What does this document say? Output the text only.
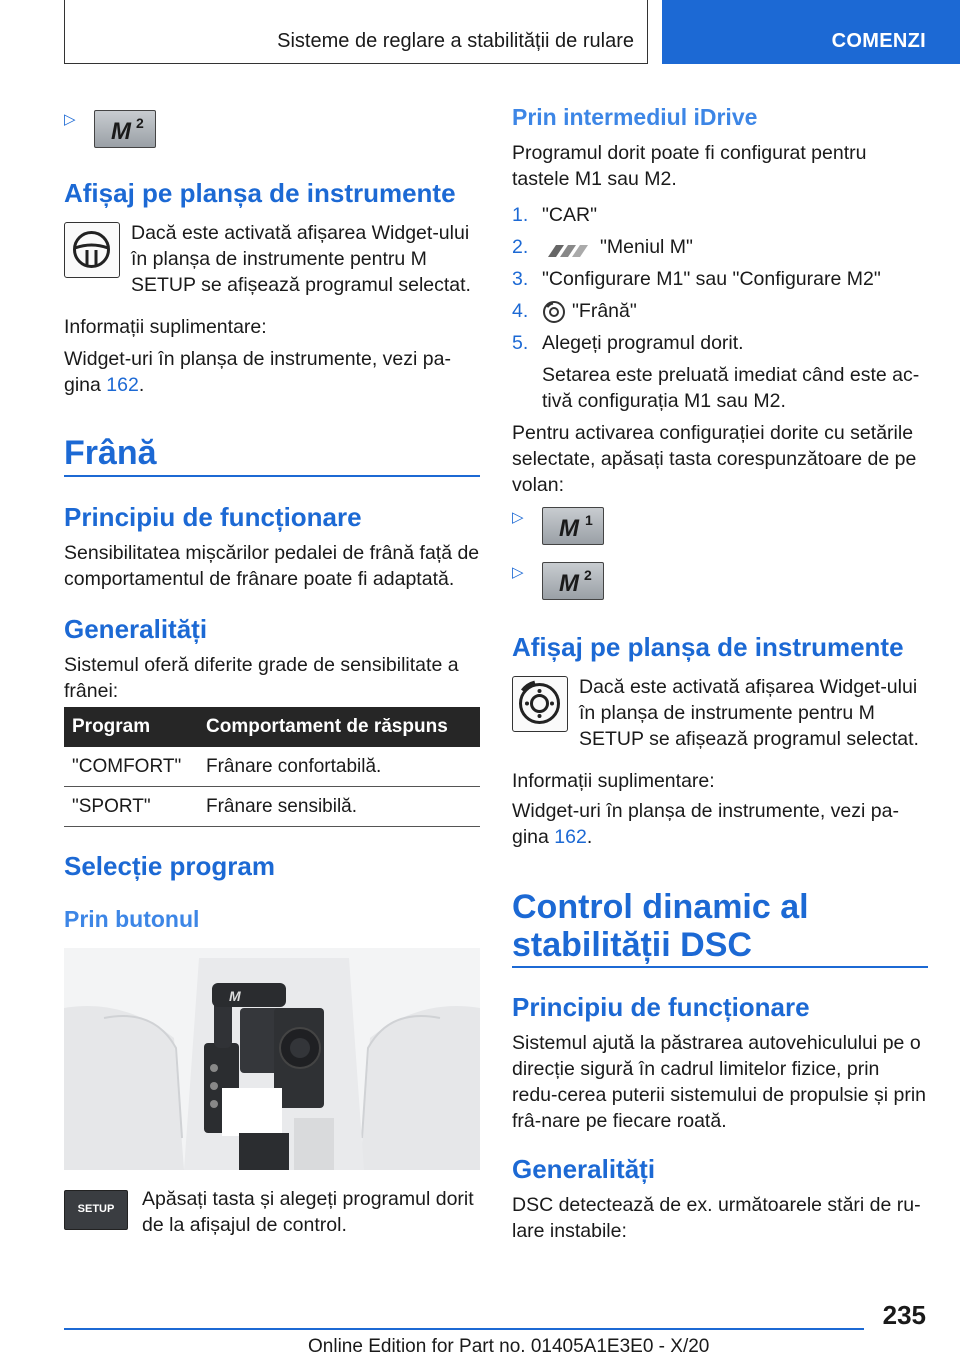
Sisteme de reglare a stabilității de rulare	COMENZI
▷ M 2
Afișaj pe planșa de instrumente
Dacă este activată afișarea Widget-ului în planșa de instrumente pentru M SETUP se afișează programul selectat.
Informații suplimentare:
Widget-uri în planșa de instrumente, vezi pa-gina 162.
Frână
Principiu de funcționare
Sensibilitatea mișcărilor pedalei de frână față de comportamentul de frânare poate fi adaptată.
Generalități
Sistemul oferă diferite grade de sensibilitate a frânei:
Program	Comportament de răspuns
"COMFORT"	Frânare confortabilă.
"SPORT"	Frânare sensibilă.
Selecție program
Prin butonul
M
SETUP	Apăsați tasta și alegeți programul dorit de la afișajul de control.
Prin intermediul iDrive
Programul dorit poate fi configurat pentru tastele M1 sau M2.
1. "CAR"
2.	"Meniul M"
3. "Configurare M1" sau "Configurare M2"
4. "Frână"
5. Alegeți programul dorit.
Setarea este preluată imediat când este ac-tivă configurația M1 sau M2.
Pentru activarea configurației dorite cu setările selectate, apăsați tasta corespunzătoare de pe volan:
▷ M 1
▷ M 2
Afișaj pe planșa de instrumente
Dacă este activată afișarea Widget-ului în planșa de instrumente pentru M SETUP se afișează programul selectat.
Informații suplimentare:
Widget-uri în planșa de instrumente, vezi pa-gina 162.
Control dinamic al stabilității DSC
Principiu de funcționare
Sistemul ajută la păstrarea autovehiculului pe o direcție sigură în cadrul limitelor fizice, prin redu-cerea puterii sistemului de propulsie și prin frâ-nare pe fiecare roată.
Generalități
DSC detectează de ex. următoarele stări de ru-lare instabile:
235
Online Edition for Part no. 01405A1E3E0 - X/20
